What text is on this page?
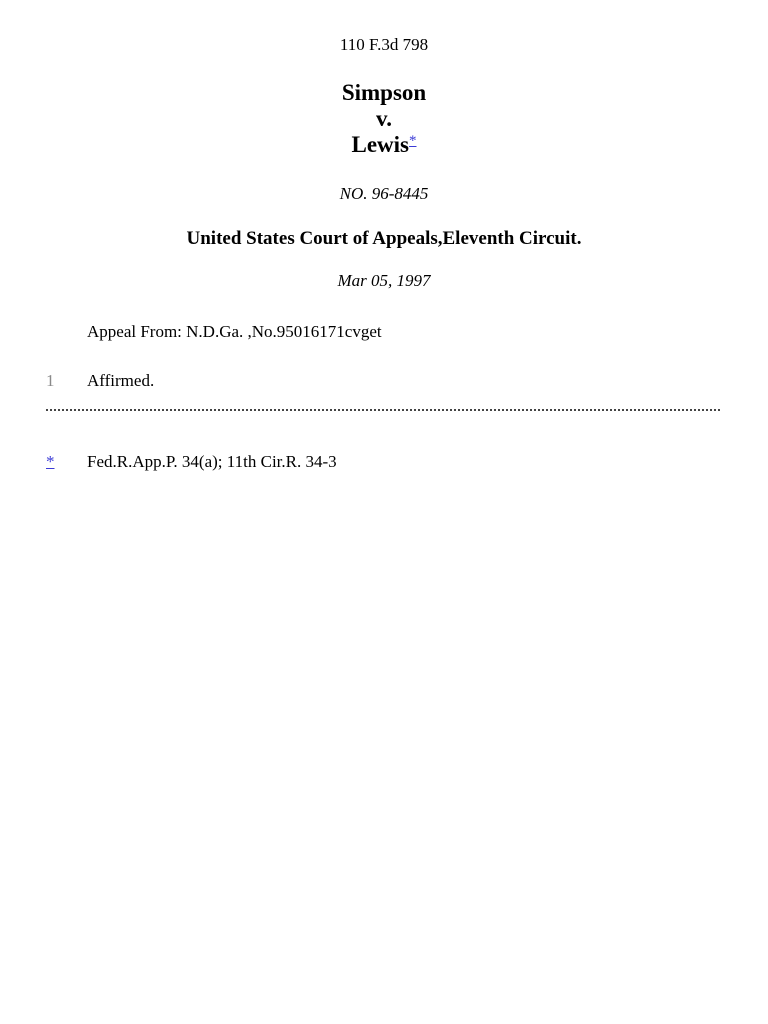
110 F.3d 798
Simpson
v.
Lewis*
NO. 96-8445
United States Court of Appeals,Eleventh Circuit.
Mar 05, 1997
Appeal From: N.D.Ga. ,No.95016171cvget
1 Affirmed.
* Fed.R.App.P. 34(a); 11th Cir.R. 34-3
